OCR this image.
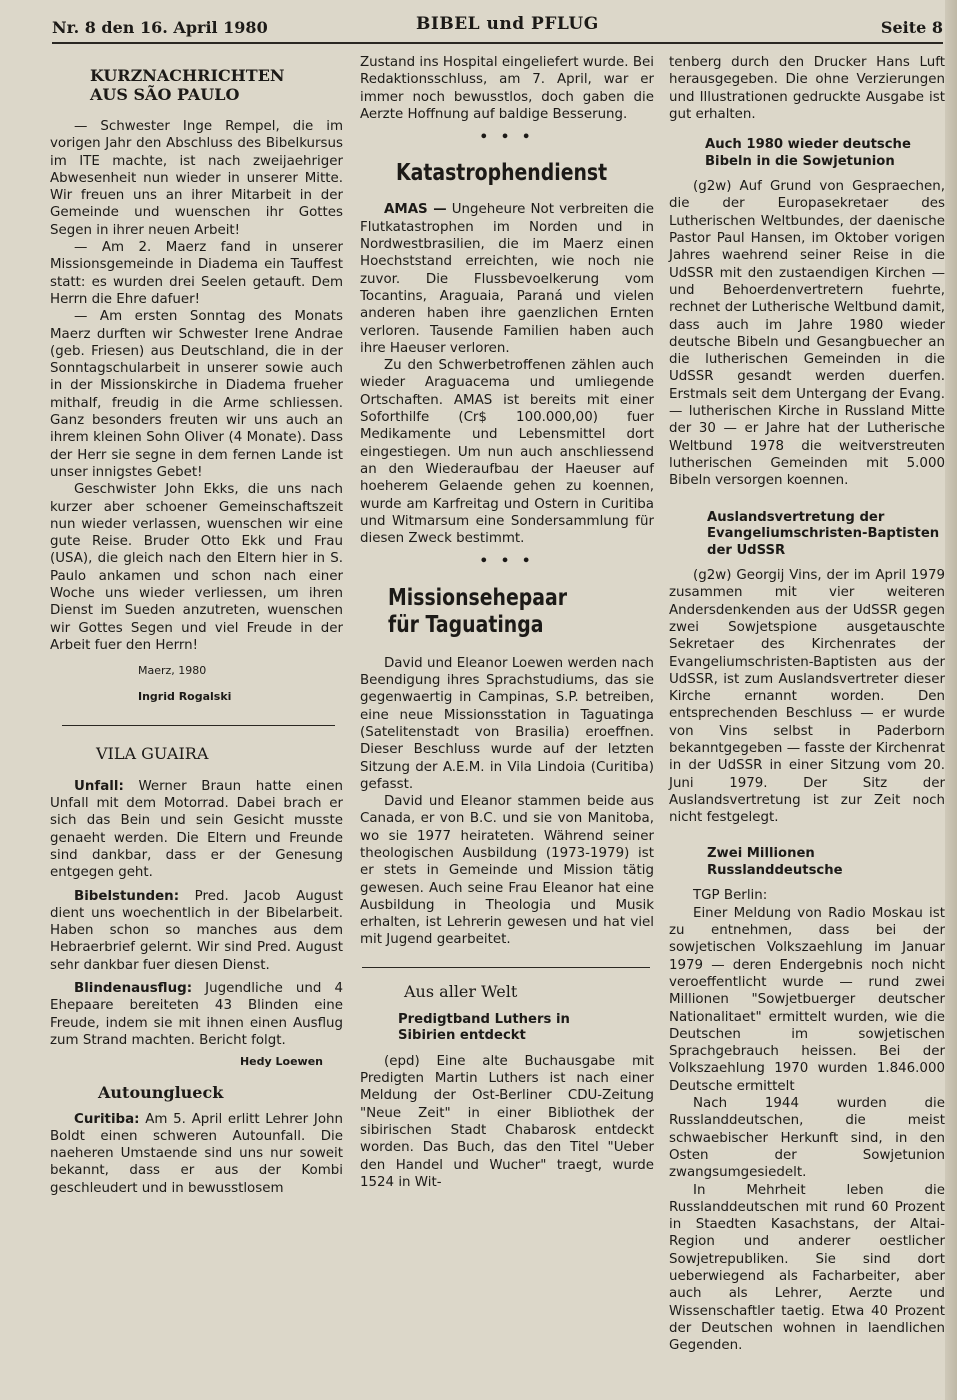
Nr. 8 den 16. April 1980	BIBEL und PFLUG	Seite 8
KURZNACHRICHTEN
AUS SÃO PAULO

— Schwester Inge Rempel, die im vorigen Jahr den Abschluss des Bibelkursus im ITE machte, ist nach zweijaehriger Abwesenheit nun wieder in unserer Mitte. Wir freuen uns an ihrer Mitarbeit in der Gemeinde und wuenschen ihr Gottes Segen in ihrer neuen Arbeit!

— Am 2. Maerz fand in unserer Missionsgemeinde in Diadema ein Tauffest statt: es wurden drei Seelen getauft. Dem Herrn die Ehre dafuer!

— Am ersten Sonntag des Monats Maerz durften wir Schwester Irene Andrae (geb. Friesen) aus Deutschland, die in der Sonntagschularbeit in unserer sowie auch in der Missionskirche in Diadema frueher mithalf, freudig in die Arme schliessen. Ganz besonders freuten wir uns auch an ihrem kleinen Sohn Oliver (4 Monate). Dass der Herr sie segne in dem fernen Lande ist unser innigstes Gebet!

Geschwister John Ekks, die uns nach kurzer aber schoener Gemeinschaftszeit nun wieder verlassen, wuenschen wir eine gute Reise. Bruder Otto Ekk und Frau (USA), die gleich nach den Eltern hier in S. Paulo ankamen und schon nach einer Woche uns wieder verliessen, um ihren Dienst im Sueden anzutreten, wuenschen wir Gottes Segen und viel Freude in der Arbeit fuer den Herrn!

Maerz, 1980
Ingrid Rogalski
VILA GUAIRA

Unfall: Werner Braun hatte einen Unfall mit dem Motorrad. Dabei brach er sich das Bein und sein Gesicht musste genaeht werden. Die Eltern und Freunde sind dankbar, dass er der Genesung entgegen geht.

Bibelstunden: Pred. Jacob August dient uns woechentlich in der Bibelarbeit. Haben schon so manches aus dem Hebraerbrief gelernt. Wir sind Pred. August sehr dankbar fuer diesen Dienst.

Blindenausflug: Jugendliche und 4 Ehepaare bereiteten 43 Blinden eine Freude, indem sie mit ihnen einen Ausflug zum Strand machten. Bericht folgt.

Hedy Loewen
Autoungluеck

Curitiba: Am 5. April erlitt Lehrer John Boldt einen schweren Autounfall. Die naeheren Umstaende sind uns nur soweit bekannt, dass er aus der Kombi geschleudert und in bewusstlosem

Zustand ins Hospital eingeliefert wurde. Bei Redaktionsschluss, am 7. April, war er immer noch bewusstlos, doch gaben die Aerzte Hoffnung auf baldige Besserung.

• • •
Katastrophendienst

AMAS — Ungeheure Not verbreiten die Flutkatastrophen im Norden und in Nordwestbrasilien, die im Maerz einen Hoechststand erreichten, wie noch nie zuvor. Die Flussbevoelkerung vom Tocantins, Araguaia, Paraná und vielen anderen haben ihre gaenzlichen Ernten verloren. Tausende Familien haben auch ihre Haeuser verloren.

Zu den Schwerbetroffenen zählen auch wieder Araguacema und umliegende Ortschaften. AMAS ist bereits mit einer Soforthilfe (Cr$ 100.000,00) fuer Medikamente und Lebensmittel dort eingestiegen. Um nun auch anschliessend an den Wiederaufbau der Haeuser auf hoeherem Gelaende gehen zu koennen, wurde am Karfreitag und Ostern in Curitiba und Witmarsum eine Sondersammlung für diesen Zweck bestimmt.

• • •
Missionsehepaar
für Taguatinga

David und Eleanor Loewen werden nach Beendigung ihres Sprachstudiums, das sie gegenwaertig in Campinas, S.P. betreiben, eine neue Missionsstation in Taguatinga (Satelitenstadt von Brasilia) eroeffnen. Dieser Beschluss wurde auf der letzten Sitzung der A.E.M. in Vila Lindoia (Curitiba) gefasst.

David und Eleanor stammen beide aus Canada, er von B.C. und sie von Manitoba, wo sie 1977 heirateten. Während seiner theologischen Ausbildung (1973-1979) ist er stets in Gemeinde und Mission tätig gewesen. Auch seine Frau Eleanor hat eine Ausbildung in Theologia und Musik erhalten, ist Lehrerin gewesen und hat viel mit Jugend gearbeitet.

Aus aller Welt
Predigtband Luthers in Sibirien entdeckt

(epd) Eine alte Buchausgabe mit Predigten Martin Luthers ist nach einer Meldung der Ost-Berliner CDU-Zeitung "Neue Zeit" in einer Bibliothek der sibirischen Stadt Chabarosk entdeckt worden. Das Buch, das den Titel "Ueber den Handel und Wucher" traegt, wurde 1524 in Wit-

tenberg durch den Drucker Hans Luft herausgegeben. Die ohne Verzierungen und Illustrationen gedruckte Ausgabe ist gut erhalten.

Auch 1980 wieder deutsche Bibeln in die Sowjetunion

(g2w) Auf Grund von Gespraechen, die der Europasekretaer des Lutherischen Weltbundes, der daenische Pastor Paul Hansen, im Oktober vorigen Jahres waehrend seiner Reise in die UdSSR mit den zustaendigen Kirchen — und Behoerdenvertretern fuehrte, rechnet der Lutherische Weltbund damit, dass auch im Jahre 1980 wieder deutsche Bibeln und Gesangbuecher an die lutherischen Gemeinden in die UdSSR gesandt werden duerfen. Erstmals seit dem Untergang der Evang. — lutherischen Kirche in Russland Mitte der 30 — er Jahre hat der Lutherische Weltbund 1978 die weitverstreuten lutherischen Gemeinden mit 5.000 Bibeln versorgen koennen.

Auslandsvertretung der Evangeliumschristen-Baptisten der UdSSR

(g2w) Georgij Vins, der im April 1979 zusammen mit vier weiteren Andersdenkenden aus der UdSSR gegen zwei Sowjetspione ausgetauschte Sekretaer des Kirchenrates der Evangeliumschristen-Baptisten aus der UdSSR, ist zum Auslandsvertreter dieser Kirche ernannt worden. Den entsprechenden Beschluss — er wurde von Vins selbst in Paderborn bekanntgegeben — fasste der Kirchenrat in der UdSSR in einer Sitzung vom 20. Juni 1979. Der Sitz der Auslandsvertretung ist zur Zeit noch nicht festgelegt.

Zwei Millionen Russlanddeutsche

TGP Berlin:

Einer Meldung von Radio Moskau ist zu entnehmen, dass bei der sowjetischen Volkszaehlung im Januar 1979 — deren Endergebnis noch nicht veroeffentlicht wurde — rund zwei Millionen "Sowjetbuerger deutscher Nationalitaet" ermittelt wurden, wie die Deutschen im sowjetischen Sprachgebrauch heissen. Bei der Volkszaehlung 1970 wurden 1.846.000 Deutsche ermittelt

Nach 1944 wurden die Russlanddeutschen, die meist schwaebischer Herkunft sind, in den Osten der Sowjetunion zwangsumgesiedelt.

In Mehrheit leben die Russlanddeutschen mit rund 60 Prozent in Staedten Kasachstans, der Altai-Region und anderer oestlicher Sowjetrepubliken. Sie sind dort ueberwiegend als Facharbeiter, aber auch als Lehrer, Aerzte und Wissenschaftler taetig. Etwa 40 Prozent der Deutschen wohnen in laendlichen Gegenden.
